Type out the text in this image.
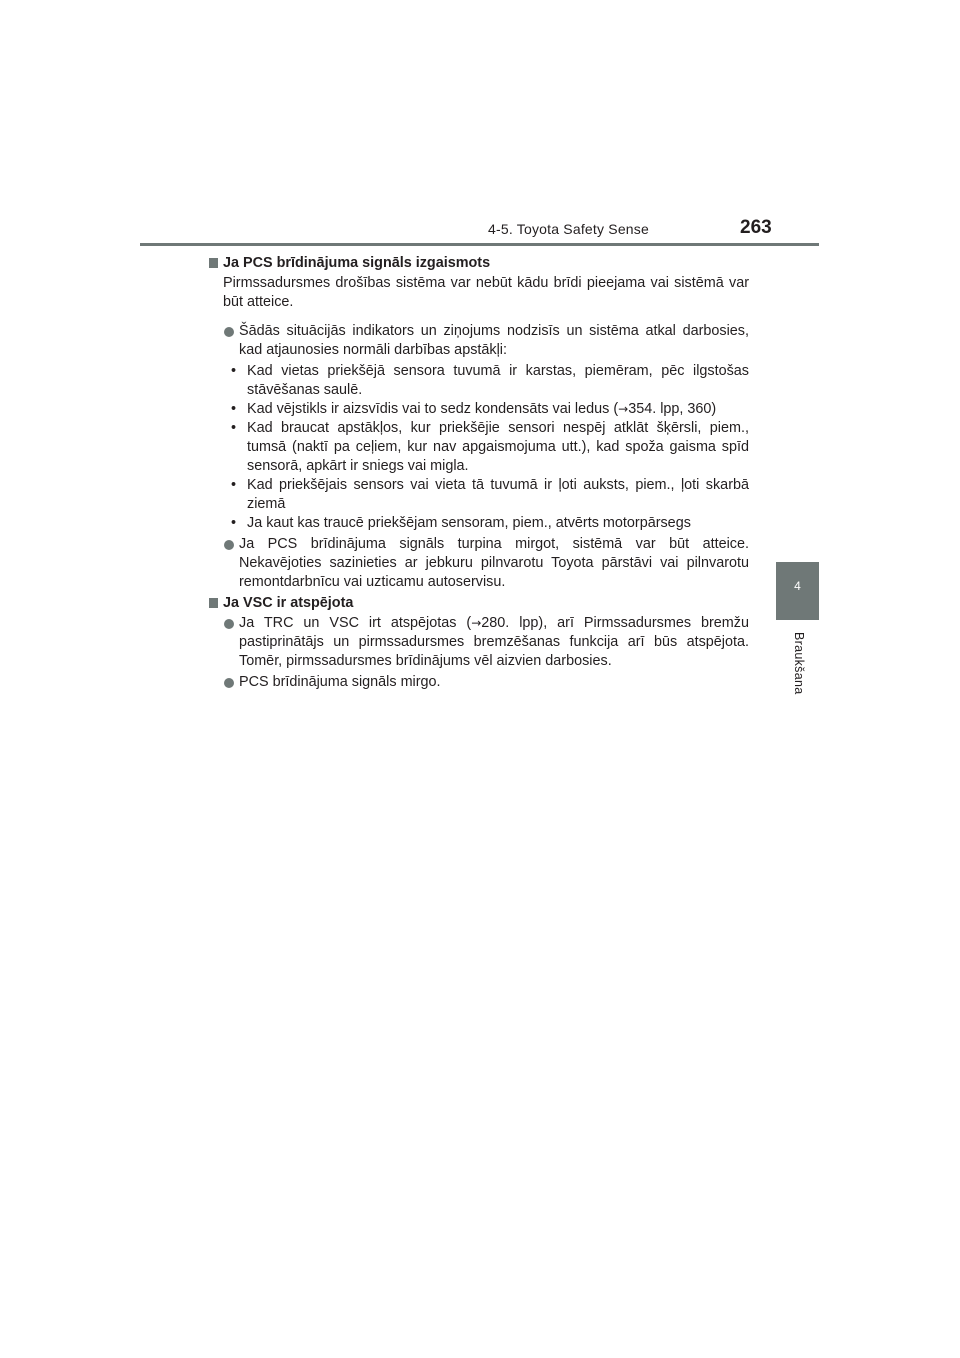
4-5. Toyota Safety Sense	263
4
Braukšana
Ja PCS brīdinājuma signāls izgaismots
Pirmssadursmes drošības sistēma var nebūt kādu brīdi pieejama vai sistēmā var būt atteice.
Šādās situācijās indikators un ziņojums nodzisīs un sistēma atkal darbosies, kad atjaunosies normāli darbības apstākļi:
• Kad vietas priekšējā sensora tuvumā ir karstas, piemēram, pēc ilgstošas stāvēšanas saulē.
• Kad vējstikls ir aizsvīdis vai to sedz kondensāts vai ledus (→354. lpp, 360)
• Kad braucat apstākļos, kur priekšējie sensori nespēj atklāt šķērsli, piem., tumsā (naktī pa ceļiem, kur nav apgaismojuma utt.), kad spoža gaisma spīd sensorā, apkārt ir sniegs vai migla.
• Kad priekšējais sensors vai vieta tā tuvumā ir ļoti auksts, piem., ļoti skarbā ziemā
• Ja kaut kas traucē priekšējam sensoram, piem., atvērts motorpārsegs
Ja PCS brīdinājuma signāls turpina mirgot, sistēmā var būt atteice. Nekavējoties sazinieties ar jebkuru pilnvarotu Toyota pārstāvi vai pilnvarotu remontdarbnīcu vai uzticamu autoservisu.
Ja VSC ir atspējota
Ja TRC un VSC irt atspējotas (→280. lpp), arī Pirmssadursmes bremžu pastiprinātājs un pirmssadursmes bremzēšanas funkcija arī būs atspējota. Tomēr, pirmssadursmes brīdinājums vēl aizvien darbosies.
PCS brīdinājuma signāls mirgo.
